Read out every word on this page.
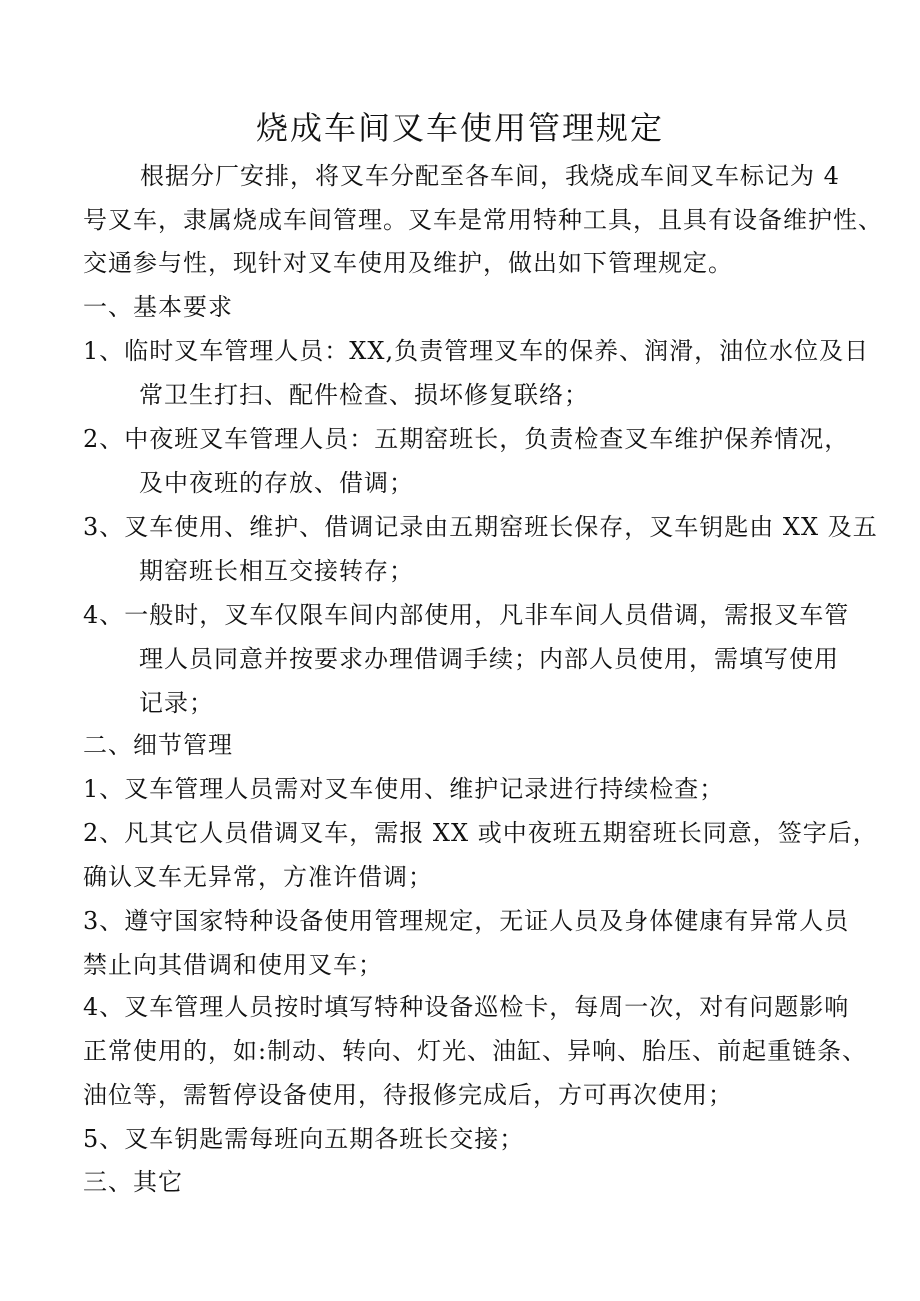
烧成车间叉车使用管理规定
根据分厂安排，将叉车分配至各车间，我烧成车间叉车标记为 4
号叉车，隶属烧成车间管理。叉车是常用特种工具，且具有设备维护性、
交通参与性，现针对叉车使用及维护，做出如下管理规定。
一、基本要求
1、临时叉车管理人员：XX,负责管理叉车的保养、润滑，油位水位及日
常卫生打扫、配件检查、损坏修复联络；
2、中夜班叉车管理人员：五期窑班长，负责检查叉车维护保养情况，
及中夜班的存放、借调；
3、叉车使用、维护、借调记录由五期窑班长保存，叉车钥匙由 XX 及五
期窑班长相互交接转存；
4、一般时，叉车仅限车间内部使用，凡非车间人员借调，需报叉车管
理人员同意并按要求办理借调手续；内部人员使用，需填写使用
记录；
二、细节管理
1、叉车管理人员需对叉车使用、维护记录进行持续检查；
2、凡其它人员借调叉车，需报 XX 或中夜班五期窑班长同意，签字后，
确认叉车无异常，方准许借调；
3、遵守国家特种设备使用管理规定，无证人员及身体健康有异常人员
禁止向其借调和使用叉车；
4、叉车管理人员按时填写特种设备巡检卡，每周一次，对有问题影响
正常使用的，如:制动、转向、灯光、油缸、异响、胎压、前起重链条、
油位等，需暂停设备使用，待报修完成后，方可再次使用；
5、叉车钥匙需每班向五期各班长交接；
三、其它
